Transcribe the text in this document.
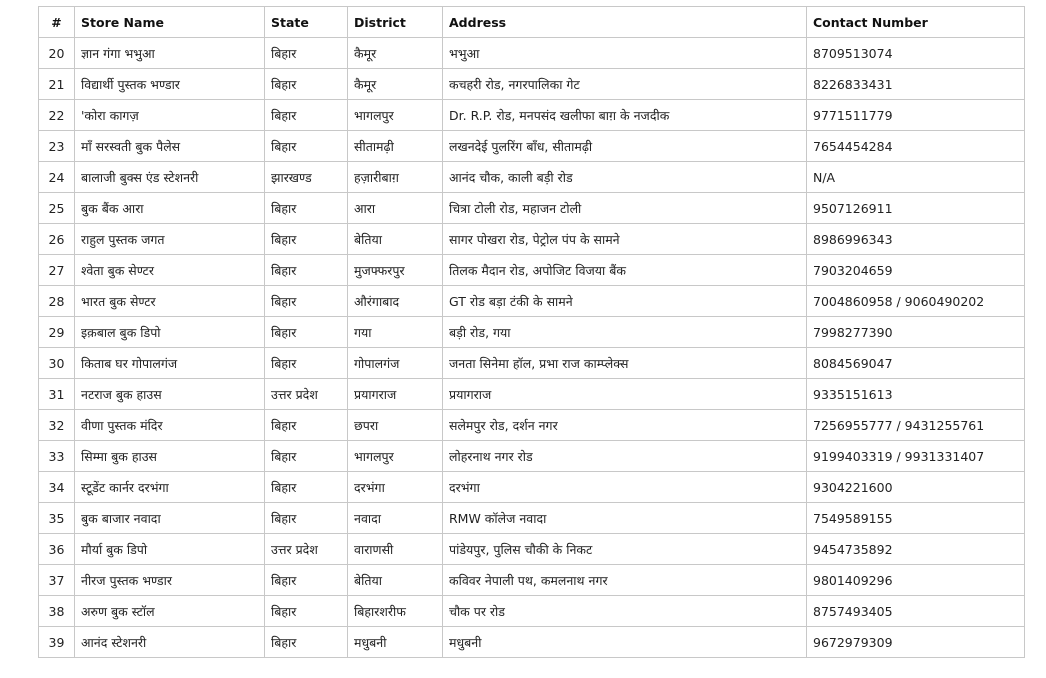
#	Store Name	State	District	Address	Contact Number
20	ज्ञान गंगा भभुआ	बिहार	कैमूर	भभुआ	8709513074
21	विद्यार्थी पुस्तक भण्डार	बिहार	कैमूर	कचहरी रोड, नगरपालिका गेट	8226833431
22	'कोरा कागज़	बिहार	भागलपुर	Dr. R.P. रोड, मनपसंद खलीफा बाग़ के नजदीक	9771511779
23	माँ सरस्वती बुक पैलेस	बिहार	सीतामढ़ी	लखनदेई पुलरिंग बाँध, सीतामढ़ी	7654454284
24	बालाजी बुक्स एंड स्टेशनरी	झारखण्ड	हज़ारीबाग़	आनंद चौक, काली बड़ी रोड	N/A
25	बुक बैंक आरा	बिहार	आरा	चित्रा टोली रोड, महाजन टोली	9507126911
26	राहुल पुस्तक जगत	बिहार	बेतिया	सागर पोखरा रोड, पेट्रोल पंप के सामने	8986996343
27	श्वेता बुक सेण्टर	बिहार	मुजफ्फरपुर	तिलक मैदान रोड, अपोजिट विजया बैंक	7903204659
28	भारत बुक सेण्टर	बिहार	औरंगाबाद	GT रोड बड़ा टंकी के सामने	7004860958 / 9060490202
29	इक़बाल बुक डिपो	बिहार	गया	बड़ी रोड, गया	7998277390
30	किताब घर गोपालगंज	बिहार	गोपालगंज	जनता सिनेमा हॉल, प्रभा राज काम्प्लेक्स	8084569047
31	नटराज बुक हाउस	उत्तर प्रदेश	प्रयागराज	प्रयागराज	9335151613
32	वीणा पुस्तक मंदिर	बिहार	छपरा	सलेमपुर रोड, दर्शन नगर	7256955777 / 9431255761
33	सिम्मा बुक हाउस	बिहार	भागलपुर	लोहरनाथ नगर रोड	9199403319 / 9931331407
34	स्टूडेंट कार्नर दरभंगा	बिहार	दरभंगा	दरभंगा	9304221600
35	बुक बाजार नवादा	बिहार	नवादा	RMW कॉलेज नवादा	7549589155
36	मौर्या बुक डिपो	उत्तर प्रदेश	वाराणसी	पांडेयपुर, पुलिस चौकी के निकट	9454735892
37	नीरज पुस्तक भण्डार	बिहार	बेतिया	कविवर नेपाली पथ, कमलनाथ नगर	9801409296
38	अरुण बुक स्टॉल	बिहार	बिहारशरीफ	चौक पर रोड	8757493405
39	आनंद स्टेशनरी	बिहार	मधुबनी	मधुबनी	9672979309
